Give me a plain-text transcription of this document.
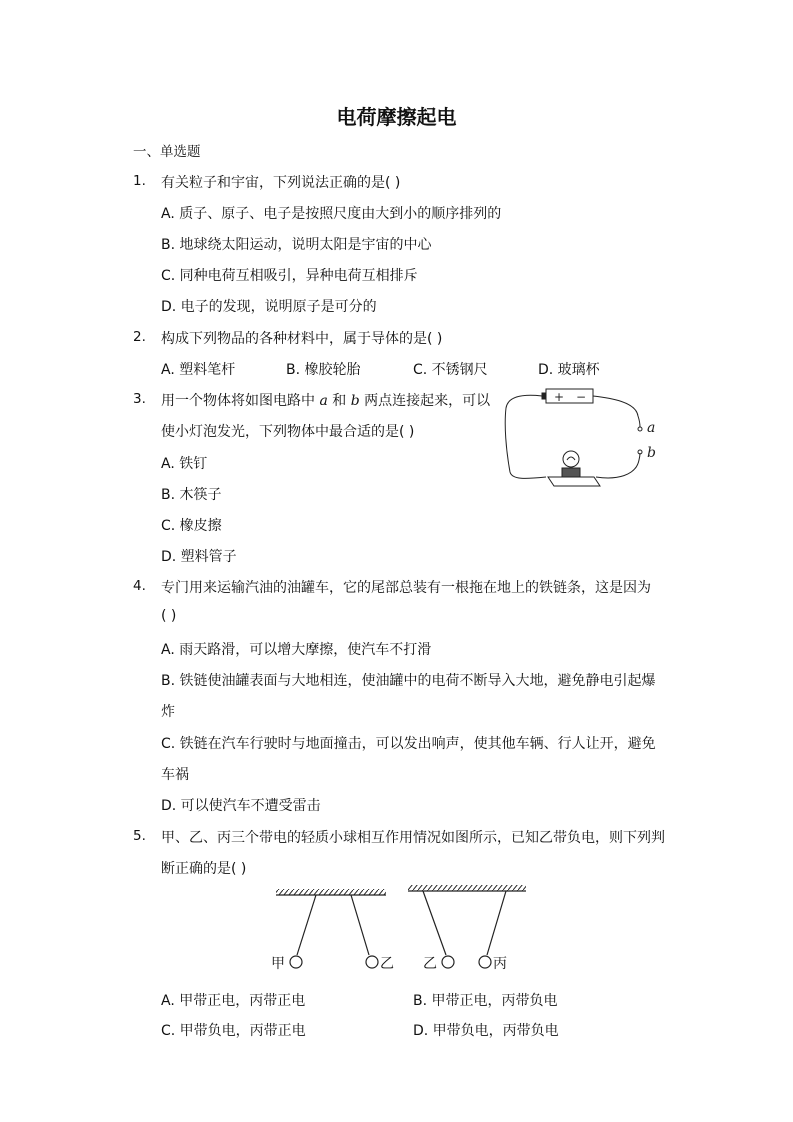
电荷摩擦起电
一、单选题
1. 有关粒子和宇宙，下列说法正确的是( )
A. 质子、原子、电子是按照尺度由大到小的顺序排列的
B. 地球绕太阳运动，说明太阳是宇宙的中心
C. 同种电荷互相吸引，异种电荷互相排斥
D. 电子的发现，说明原子是可分的
2. 构成下列物品的各种材料中，属于导体的是( )
A. 塑料笔杆	B. 橡胶轮胎	C. 不锈钢尺	D. 玻璃杯
3. 用一个物体将如图电路中 a 和 b 两点连接起来，可以
使小灯泡发光，下列物体中最合适的是( )
A. 铁钉
B. 木筷子
C. 橡皮擦
D. 塑料管子
+ −
a
b
4. 专门用来运输汽油的油罐车，它的尾部总装有一根拖在地上的铁链条，这是因为
( )
A. 雨天路滑，可以增大摩擦，使汽车不打滑
B. 铁链使油罐表面与大地相连，使油罐中的电荷不断导入大地，避免静电引起爆
炸
C. 铁链在汽车行驶时与地面撞击，可以发出响声，使其他车辆、行人让开，避免
车祸
D. 可以使汽车不遭受雷击
5. 甲、乙、丙三个带电的轻质小球相互作用情况如图所示，已知乙带负电，则下列判
断正确的是( )
甲	乙 乙	丙
A. 甲带正电，丙带正电	B. 甲带正电，丙带负电
C. 甲带负电，丙带正电	D. 甲带负电，丙带负电
